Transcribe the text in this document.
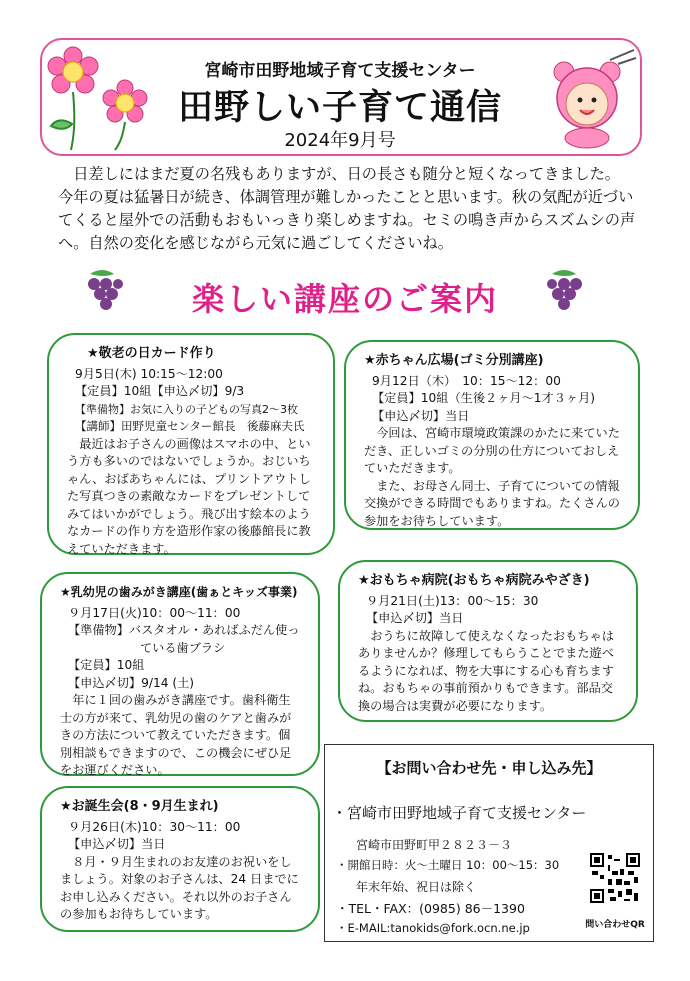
宮崎市田野地域子育て支援センター
田野しい子育て通信
2024年9月号

日差しにはまだ夏の名残もありますが、日の長さも随分と短くなってきました。

今年の夏は猛暑日が続き、体調管理が難しかったことと思います。秋の気配が近づいてくると屋外での活動もおもいっきり楽しめますね。セミの鳴き声からスズムシの声へ。自然の変化を感じながら元気に過ごしてくださいね。

楽しい講座のご案内
★敬老の日カード作り
9月5日(木) 10:15～12:00
【定員】10組【申込〆切】9/3
【準備物】お気に入りの子どもの写真2～3枚
【講師】田野児童センター館長　後藤麻夫氏
最近はお子さんの画像はスマホの中、という方も多いのではないでしょうか。おじいちゃん、おばあちゃんには、プリントアウトした写真つきの素敵なカードをプレゼントしてみてはいかがでしょう。飛び出す絵本のようなカードの作り方を造形作家の後藤館長に教えていただきます。
★赤ちゃん広場(ゴミ分別講座)
9月12日（木）　10：15～12：00
【定員】10組（生後２ヶ月～1才３ヶ月)
【申込〆切】当日
今回は、宮崎市環境政策課のかたに来ていただき、正しいゴミの分別の仕方についておしえていただきます。
また、お母さん同士、子育てについての情報交換ができる時間でもありますね。たくさんの参加をお待ちしています。
★乳幼児の歯みがき講座(歯ぁとキッズ事業)
９月17日(火)10：00～11：00
【準備物】バスタオル・あればふだん使っ
ている歯ブラシ
【定員】10組
【申込〆切】9/14 (土)
年に１回の歯みがき講座です。歯科衛生士の方が来て、乳幼児の歯のケアと歯みがきの方法について教えていただきます。個別相談もできますので、この機会にぜひ足をお運びください。
★おもちゃ病院(おもちゃ病院みやざき)
９月21日(土)13：00～15：30
【申込〆切】当日
おうちに故障して使えなくなったおもちゃはありませんか？修理してもらうことでまた遊べるようになれば、物を大事にする心も育ちますね。おもちゃの事前預かりもできます。部品交換の場合は実費が必要になります。
★お誕生会(8・9月生まれ)
９月26日(木)10：30～11：00
【申込〆切】当日
８月・９月生まれのお友達のお祝いをしましょう。対象のお子さんは、24 日までにお申し込みください。それ以外のお子さんの参加もお待ちしています。
【お問い合わせ先・申し込み先】
・宮崎市田野地域子育て支援センター
宮崎市田野町甲２８２３－３
・開館日時：火～土曜日 10：00～15：30
年末年始、祝日は除く
・TEL・FAX：(0985) 86－1390
・E-MAIL:tanokids@fork.ocn.ne.jp	問い合わせQR
